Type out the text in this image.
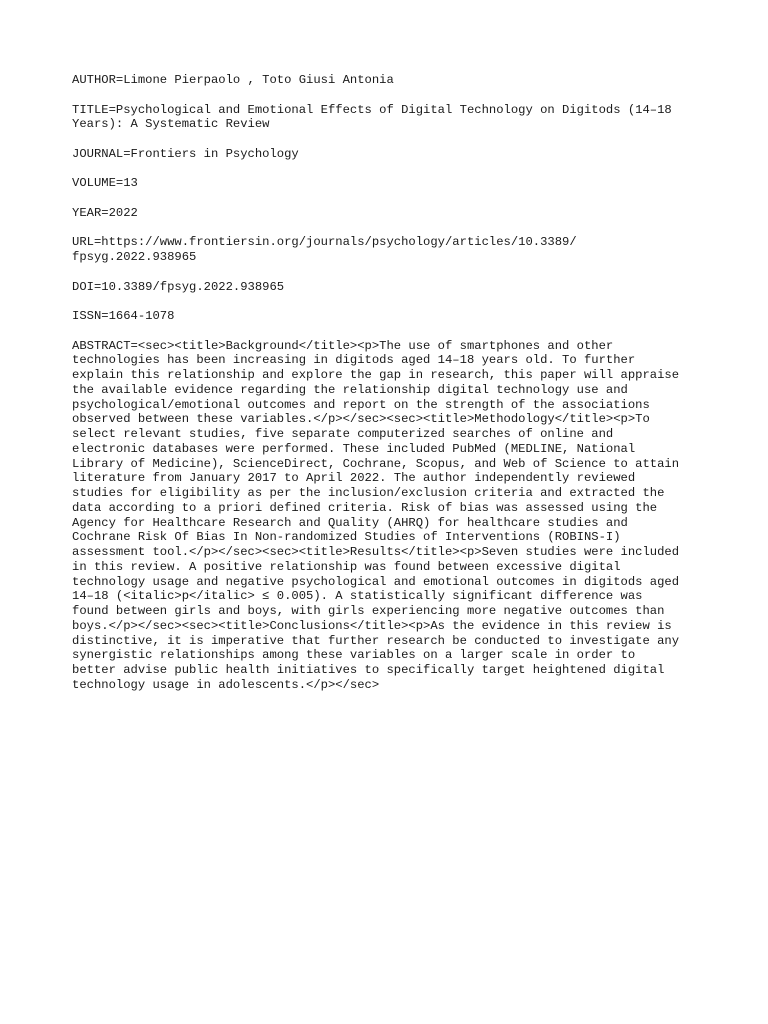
AUTHOR=Limone Pierpaolo , Toto Giusi Antonia
TITLE=Psychological and Emotional Effects of Digital Technology on Digitods (14–18
Years): A Systematic Review
JOURNAL=Frontiers in Psychology
VOLUME=13
YEAR=2022
URL=https://www.frontiersin.org/journals/psychology/articles/10.3389/
fpsyg.2022.938965
DOI=10.3389/fpsyg.2022.938965
ISSN=1664-1078
ABSTRACT=<sec><title>Background</title><p>The use of smartphones and other
technologies has been increasing in digitods aged 14–18 years old. To further
explain this relationship and explore the gap in research, this paper will appraise
the available evidence regarding the relationship digital technology use and
psychological/emotional outcomes and report on the strength of the associations
observed between these variables.</p></sec><sec><title>Methodology</title><p>To
select relevant studies, five separate computerized searches of online and
electronic databases were performed. These included PubMed (MEDLINE, National
Library of Medicine), ScienceDirect, Cochrane, Scopus, and Web of Science to attain
literature from January 2017 to April 2022. The author independently reviewed
studies for eligibility as per the inclusion/exclusion criteria and extracted the
data according to a priori defined criteria. Risk of bias was assessed using the
Agency for Healthcare Research and Quality (AHRQ) for healthcare studies and
Cochrane Risk Of Bias In Non-randomized Studies of Interventions (ROBINS-I)
assessment tool.</p></sec><sec><title>Results</title><p>Seven studies were included
in this review. A positive relationship was found between excessive digital
technology usage and negative psychological and emotional outcomes in digitods aged
14–18 (<italic>p</italic> ≤ 0.005). A statistically significant difference was
found between girls and boys, with girls experiencing more negative outcomes than
boys.</p></sec><sec><title>Conclusions</title><p>As the evidence in this review is
distinctive, it is imperative that further research be conducted to investigate any
synergistic relationships among these variables on a larger scale in order to
better advise public health initiatives to specifically target heightened digital
technology usage in adolescents.</p></sec>
